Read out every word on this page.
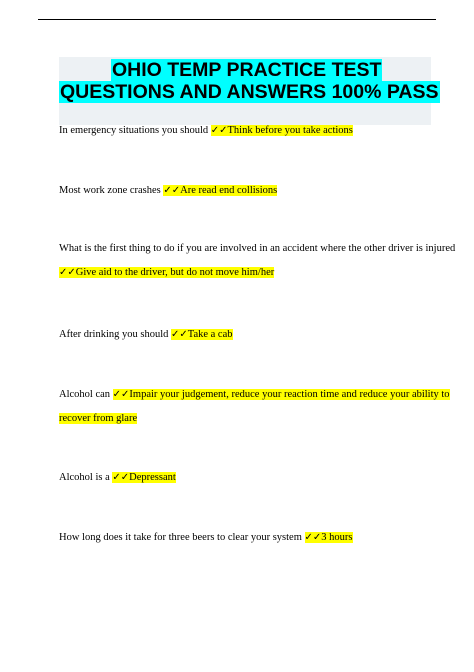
OHIO TEMP PRACTICE TEST
QUESTIONS AND ANSWERS 100% PASS
In emergency situations you should ✓✓Think before you take actions
Most work zone crashes ✓✓Are read end collisions
What is the first thing to do if you are involved in an accident where the other driver is injured
✓✓Give aid to the driver, but do not move him/her
After drinking you should ✓✓Take a cab
Alcohol can ✓✓Impair your judgement, reduce your reaction time and reduce your ability to
recover from glare
Alcohol is a ✓✓Depressant
How long does it take for three beers to clear your system ✓✓3 hours
